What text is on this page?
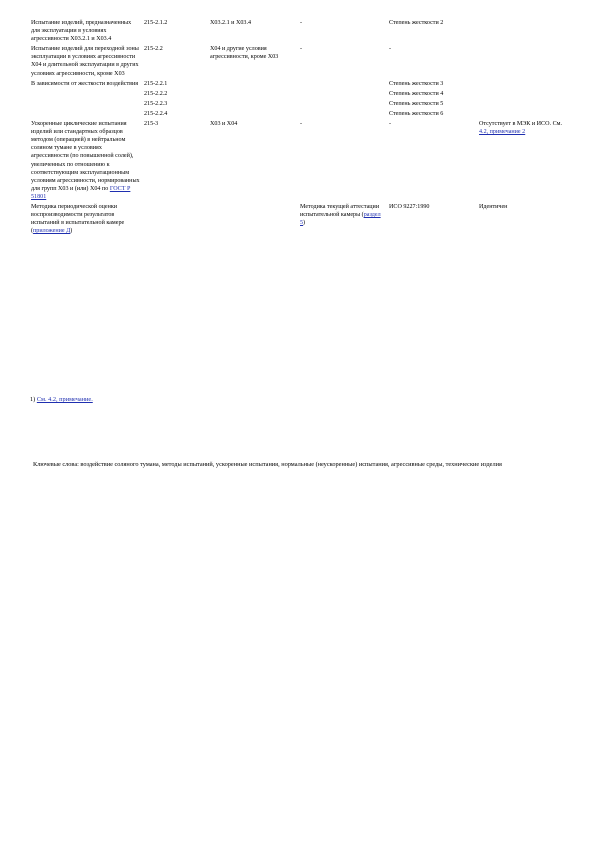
Испытание изделий, предназначенных для эксплуатации в условиях агрессивности Х03.2.1 и Х03.4	215-2.1.2	Х03.2.1 и Х03.4	-	Степень жесткости 2	
Испытание изделий для переходной зоны эксплуатации в условиях агрессивности Х04 и длительной эксплуатации в других условиях агрессивности, кроме Х03	215-2.2	Х04 и другие условия агрессивности, кроме Х03	-	-	
В зависимости от жесткости воздействия	215-2.2.1			Степень жесткости 3	
	215-2.2.2			Степень жесткости 4	
	215-2.2.3			Степень жесткости 5	
	215-2.2.4			Степень жесткости 6	
Ускоренные циклические испытания изделий или стандартных образцов методом (операцией) в нейтральном соляном тумане в условиях агрессивности (по повышенной солей), увеличенных по отношению к соответствующим эксплуатационным условиям агрессивности, нормированных для групп Х03 и (или) Х04 по ГОСТ Р 51801	215-3	Х03 и Х04	-	-	Отсутствует в МЭК и ИСО. См. 4.2, примечание 2
Методика периодической оценки воспроизводимости результатов испытаний в испытательной камере (приложение Д)			Методика текущей аттестации испытательной камеры (раздел 5)	ИСО 9227:1990	Идентичен
1) См. 4.2, примечание.
Ключевые слова: воздействие соляного тумана, методы испытаний, ускоренные испытания, нормальные (неускоренные) испытания, агрессивные среды, технические изделия
